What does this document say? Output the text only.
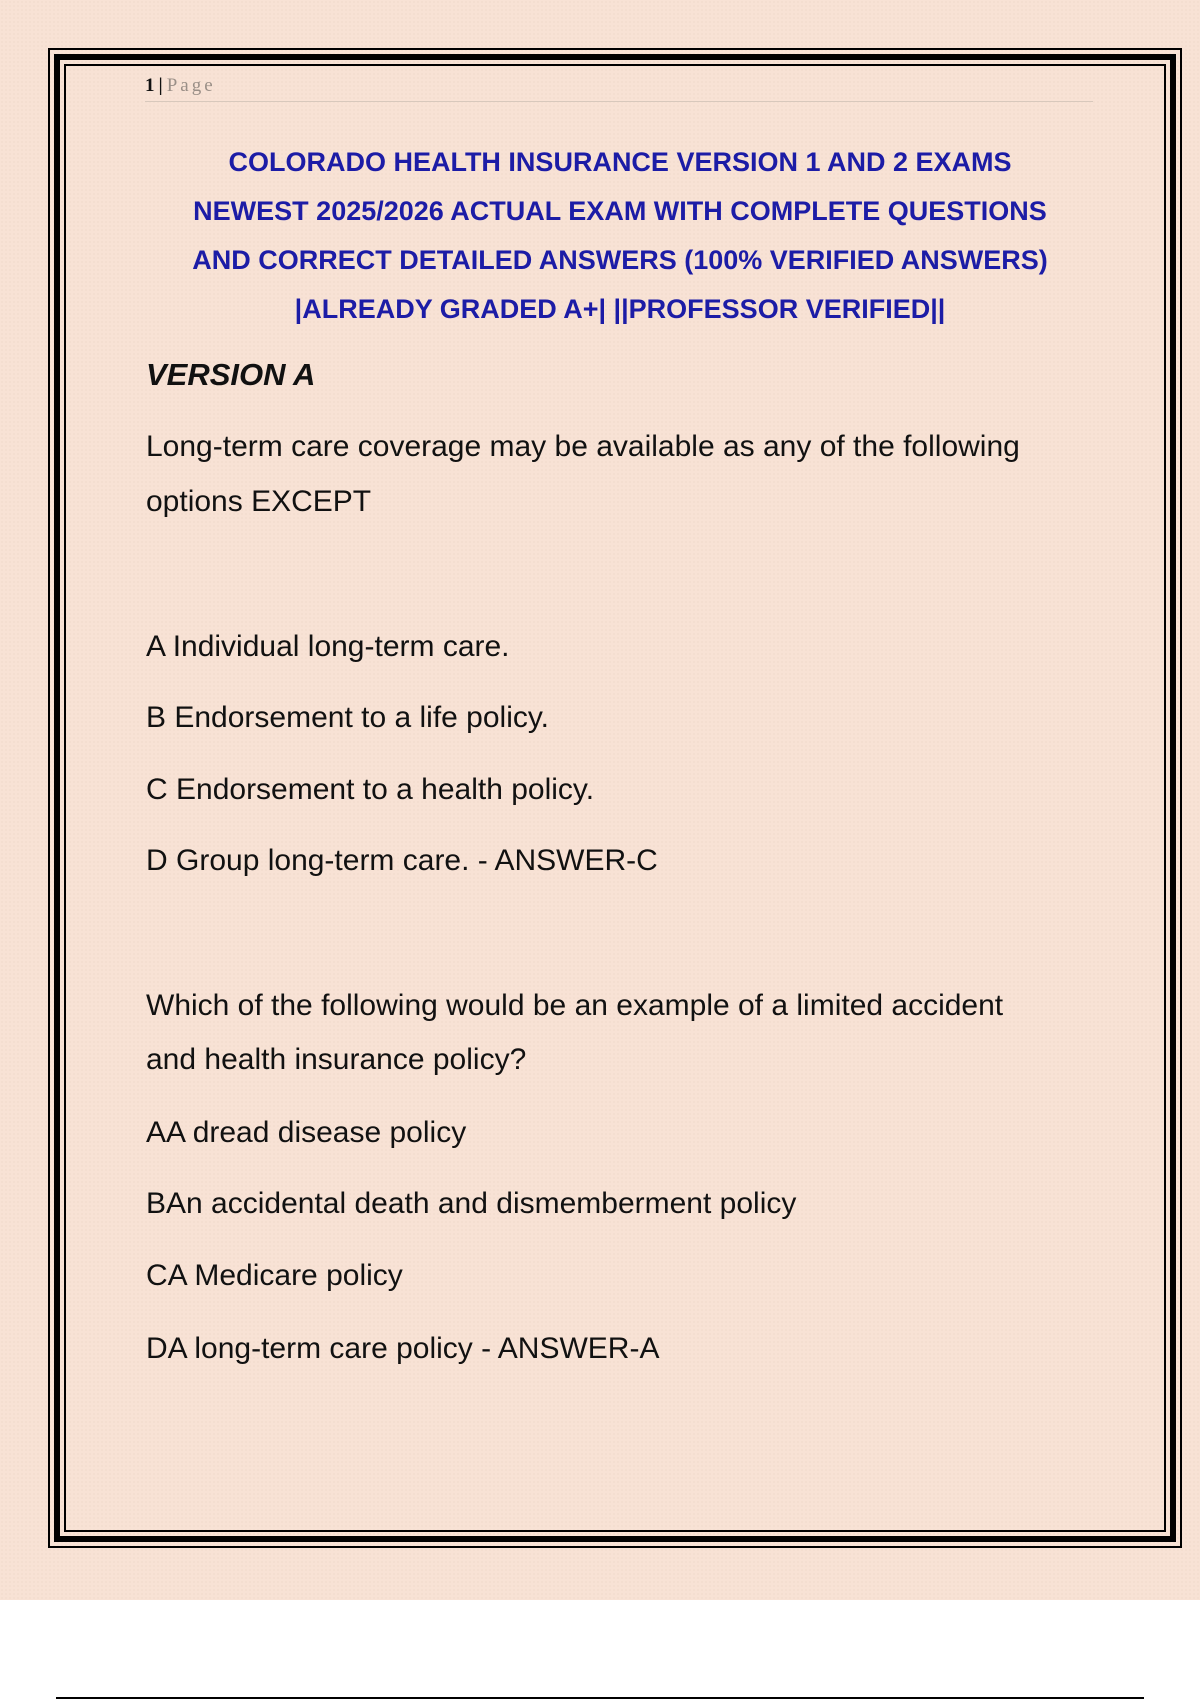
1 | Page
COLORADO HEALTH INSURANCE VERSION 1 AND 2 EXAMS
NEWEST 2025/2026 ACTUAL EXAM WITH COMPLETE QUESTIONS
AND CORRECT DETAILED ANSWERS (100% VERIFIED ANSWERS)
|ALREADY GRADED A+| ||PROFESSOR VERIFIED||
VERSION A
Long-term care coverage may be available as any of the following
options EXCEPT
A Individual long-term care.
B Endorsement to a life policy.
C Endorsement to a health policy.
D Group long-term care. - ANSWER-C
Which of the following would be an example of a limited accident
and health insurance policy?
AA dread disease policy
BAn accidental death and dismemberment policy
CA Medicare policy
DA long-term care policy - ANSWER-A
